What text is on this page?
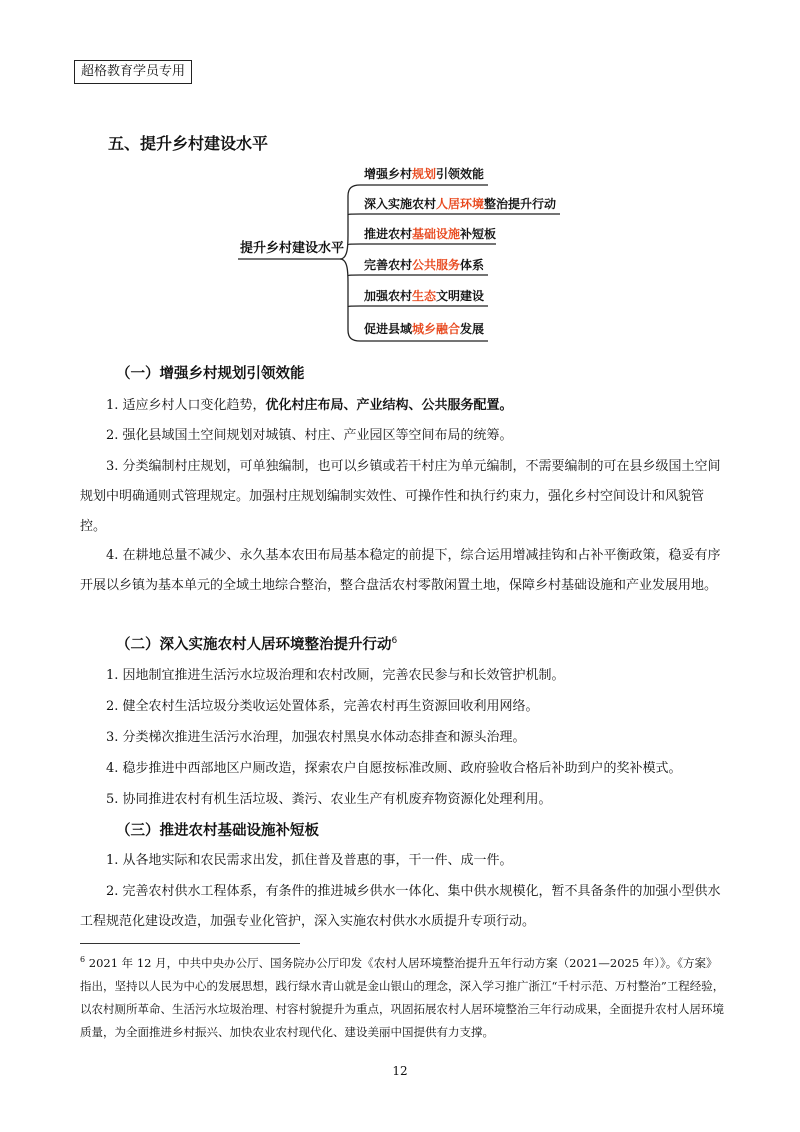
超格教育学员专用
五、提升乡村建设水平
提升乡村建设水平
增强乡村规划引领效能
深入实施农村人居环境整治提升行动
推进农村基础设施补短板
完善农村公共服务体系
加强农村生态文明建设
促进县域城乡融合发展
（一）增强乡村规划引领效能
1. 适应乡村人口变化趋势，优化村庄布局、产业结构、公共服务配置。
2. 强化县域国土空间规划对城镇、村庄、产业园区等空间布局的统筹。
3. 分类编制村庄规划，可单独编制，也可以乡镇或若干村庄为单元编制，不需要编制的可在县乡级国土空间规划中明确通则式管理规定。加强村庄规划编制实效性、可操作性和执行约束力，强化乡村空间设计和风貌管控。
4. 在耕地总量不减少、永久基本农田布局基本稳定的前提下，综合运用增减挂钩和占补平衡政策，稳妥有序开展以乡镇为基本单元的全域土地综合整治，整合盘活农村零散闲置土地，保障乡村基础设施和产业发展用地。
（二）深入实施农村人居环境整治提升行动$^6$
1. 因地制宜推进生活污水垃圾治理和农村改厕，完善农民参与和长效管护机制。
2. 健全农村生活垃圾分类收运处置体系，完善农村再生资源回收利用网络。
3. 分类梯次推进生活污水治理，加强农村黑臭水体动态排查和源头治理。
4. 稳步推进中西部地区户厕改造，探索农户自愿按标准改厕、政府验收合格后补助到户的奖补模式。
5. 协同推进农村有机生活垃圾、粪污、农业生产有机废弃物资源化处理利用。
（三）推进农村基础设施补短板
1. 从各地实际和农民需求出发，抓住普及普惠的事，干一件、成一件。
2. 完善农村供水工程体系，有条件的推进城乡供水一体化、集中供水规模化，暂不具备条件的加强小型供水工程规范化建设改造，加强专业化管护，深入实施农村供水水质提升专项行动。
$^6$ 2021 年 12 月，中共中央办公厅、国务院办公厅印发《农村人居环境整治提升五年行动方案（2021—2025 年）》。《方案》指出，坚持以人民为中心的发展思想，践行绿水青山就是金山银山的理念，深入学习推广浙江“千村示范、万村整治”工程经验，以农村厕所革命、生活污水垃圾治理、村容村貌提升为重点，巩固拓展农村人居环境整治三年行动成果，全面提升农村人居环境质量，为全面推进乡村振兴、加快农业农村现代化、建设美丽中国提供有力支撑。
12
